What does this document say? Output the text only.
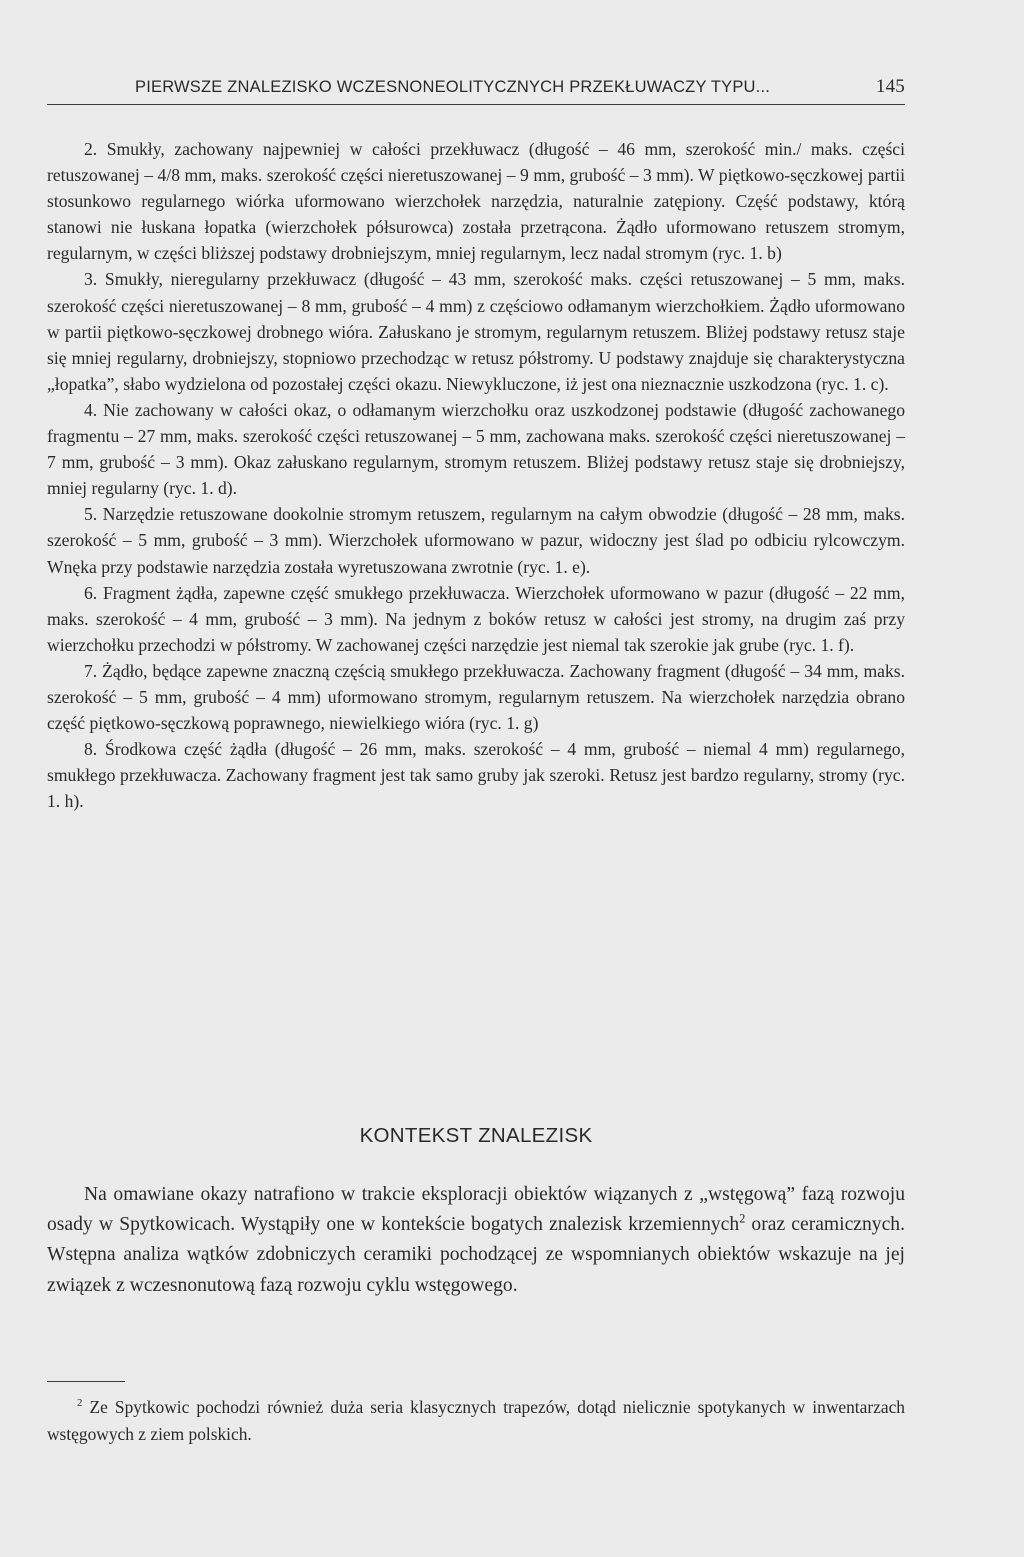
PIERWSZE ZNALEZISKO WCZESNONEOLITYCZNYCH PRZEKŁUWACZY TYPU...	145

2. Smukły, zachowany najpewniej w całości przekłuwacz (długość – 46 mm, szerokość min./ maks. części retuszowanej – 4/8 mm, maks. szerokość części nieretuszowanej – 9 mm, grubość – 3 mm). W piętkowo-sęczkowej partii stosunkowo regularnego wiórka uformowano wierzchołek narzędzia, naturalnie zatępiony. Część podstawy, którą stanowi nie łuskana łopatka (wierzchołek półsurowca) została przetrącona. Żądło uformowano retuszem stromym, regularnym, w części bliższej podstawy drobniejszym, mniej regularnym, lecz nadal stromym (ryc. 1. b)

3. Smukły, nieregularny przekłuwacz (długość – 43 mm, szerokość maks. części retuszowanej – 5 mm, maks. szerokość części nieretuszowanej – 8 mm, grubość – 4 mm) z częściowo odłamanym wierzchołkiem. Żądło uformowano w partii piętkowo-sęczkowej drobnego wióra. Załuskano je stromym, regularnym retuszem. Bliżej podstawy retusz staje się mniej regularny, drobniejszy, stopniowo przechodząc w retusz półstromy. U podstawy znajduje się charakterystyczna „łopatka”, słabo wydzielona od pozostałej części okazu. Niewykluczone, iż jest ona nieznacznie uszkodzona (ryc. 1. c).

4. Nie zachowany w całości okaz, o odłamanym wierzchołku oraz uszkodzonej podstawie (długość zachowanego fragmentu – 27 mm, maks. szerokość części retuszowanej – 5 mm, zachowana maks. szerokość części nieretuszowanej – 7 mm, grubość – 3 mm). Okaz załuskano regularnym, stromym retuszem. Bliżej podstawy retusz staje się drobniejszy, mniej regularny (ryc. 1. d).

5. Narzędzie retuszowane dookolnie stromym retuszem, regularnym na całym obwodzie (długość – 28 mm, maks. szerokość – 5 mm, grubość – 3 mm). Wierzchołek uformowano w pazur, widoczny jest ślad po odbiciu rylcowczym. Wnęka przy podstawie narzędzia została wyretuszowana zwrotnie (ryc. 1. e).

6. Fragment żądła, zapewne część smukłego przekłuwacza. Wierzchołek uformowano w pazur (długość – 22 mm, maks. szerokość – 4 mm, grubość – 3 mm). Na jednym z boków retusz w całości jest stromy, na drugim zaś przy wierzchołku przechodzi w półstromy. W zachowanej części narzędzie jest niemal tak szerokie jak grube (ryc. 1. f).

7. Żądło, będące zapewne znaczną częścią smukłego przekłuwacza. Zachowany fragment (długość – 34 mm, maks. szerokość – 5 mm, grubość – 4 mm) uformowano stromym, regularnym retuszem. Na wierzchołek narzędzia obrano część piętkowo-sęczkową poprawnego, niewielkiego wióra (ryc. 1. g)

8. Środkowa część żądła (długość – 26 mm, maks. szerokość – 4 mm, grubość – niemal 4 mm) regularnego, smukłego przekłuwacza. Zachowany fragment jest tak samo gruby jak szeroki. Retusz jest bardzo regularny, stromy (ryc. 1. h).

KONTEKST ZNALEZISK

Na omawiane okazy natrafiono w trakcie eksploracji obiektów wiązanych z „wstęgową” fazą rozwoju osady w Spytkowicach. Wystąpiły one w kontekście bogatych znalezisk krzemiennych$^2$ oraz ceramicznych. Wstępna analiza wątków zdobniczych ceramiki pochodzącej ze wspomnianych obiektów wskazuje na jej związek z wczesnonutową fazą rozwoju cyklu wstęgowego.

$^2$ Ze Spytkowic pochodzi również duża seria klasycznych trapezów, dotąd nielicznie spotykanych w inwentarzach wstęgowych z ziem polskich.
